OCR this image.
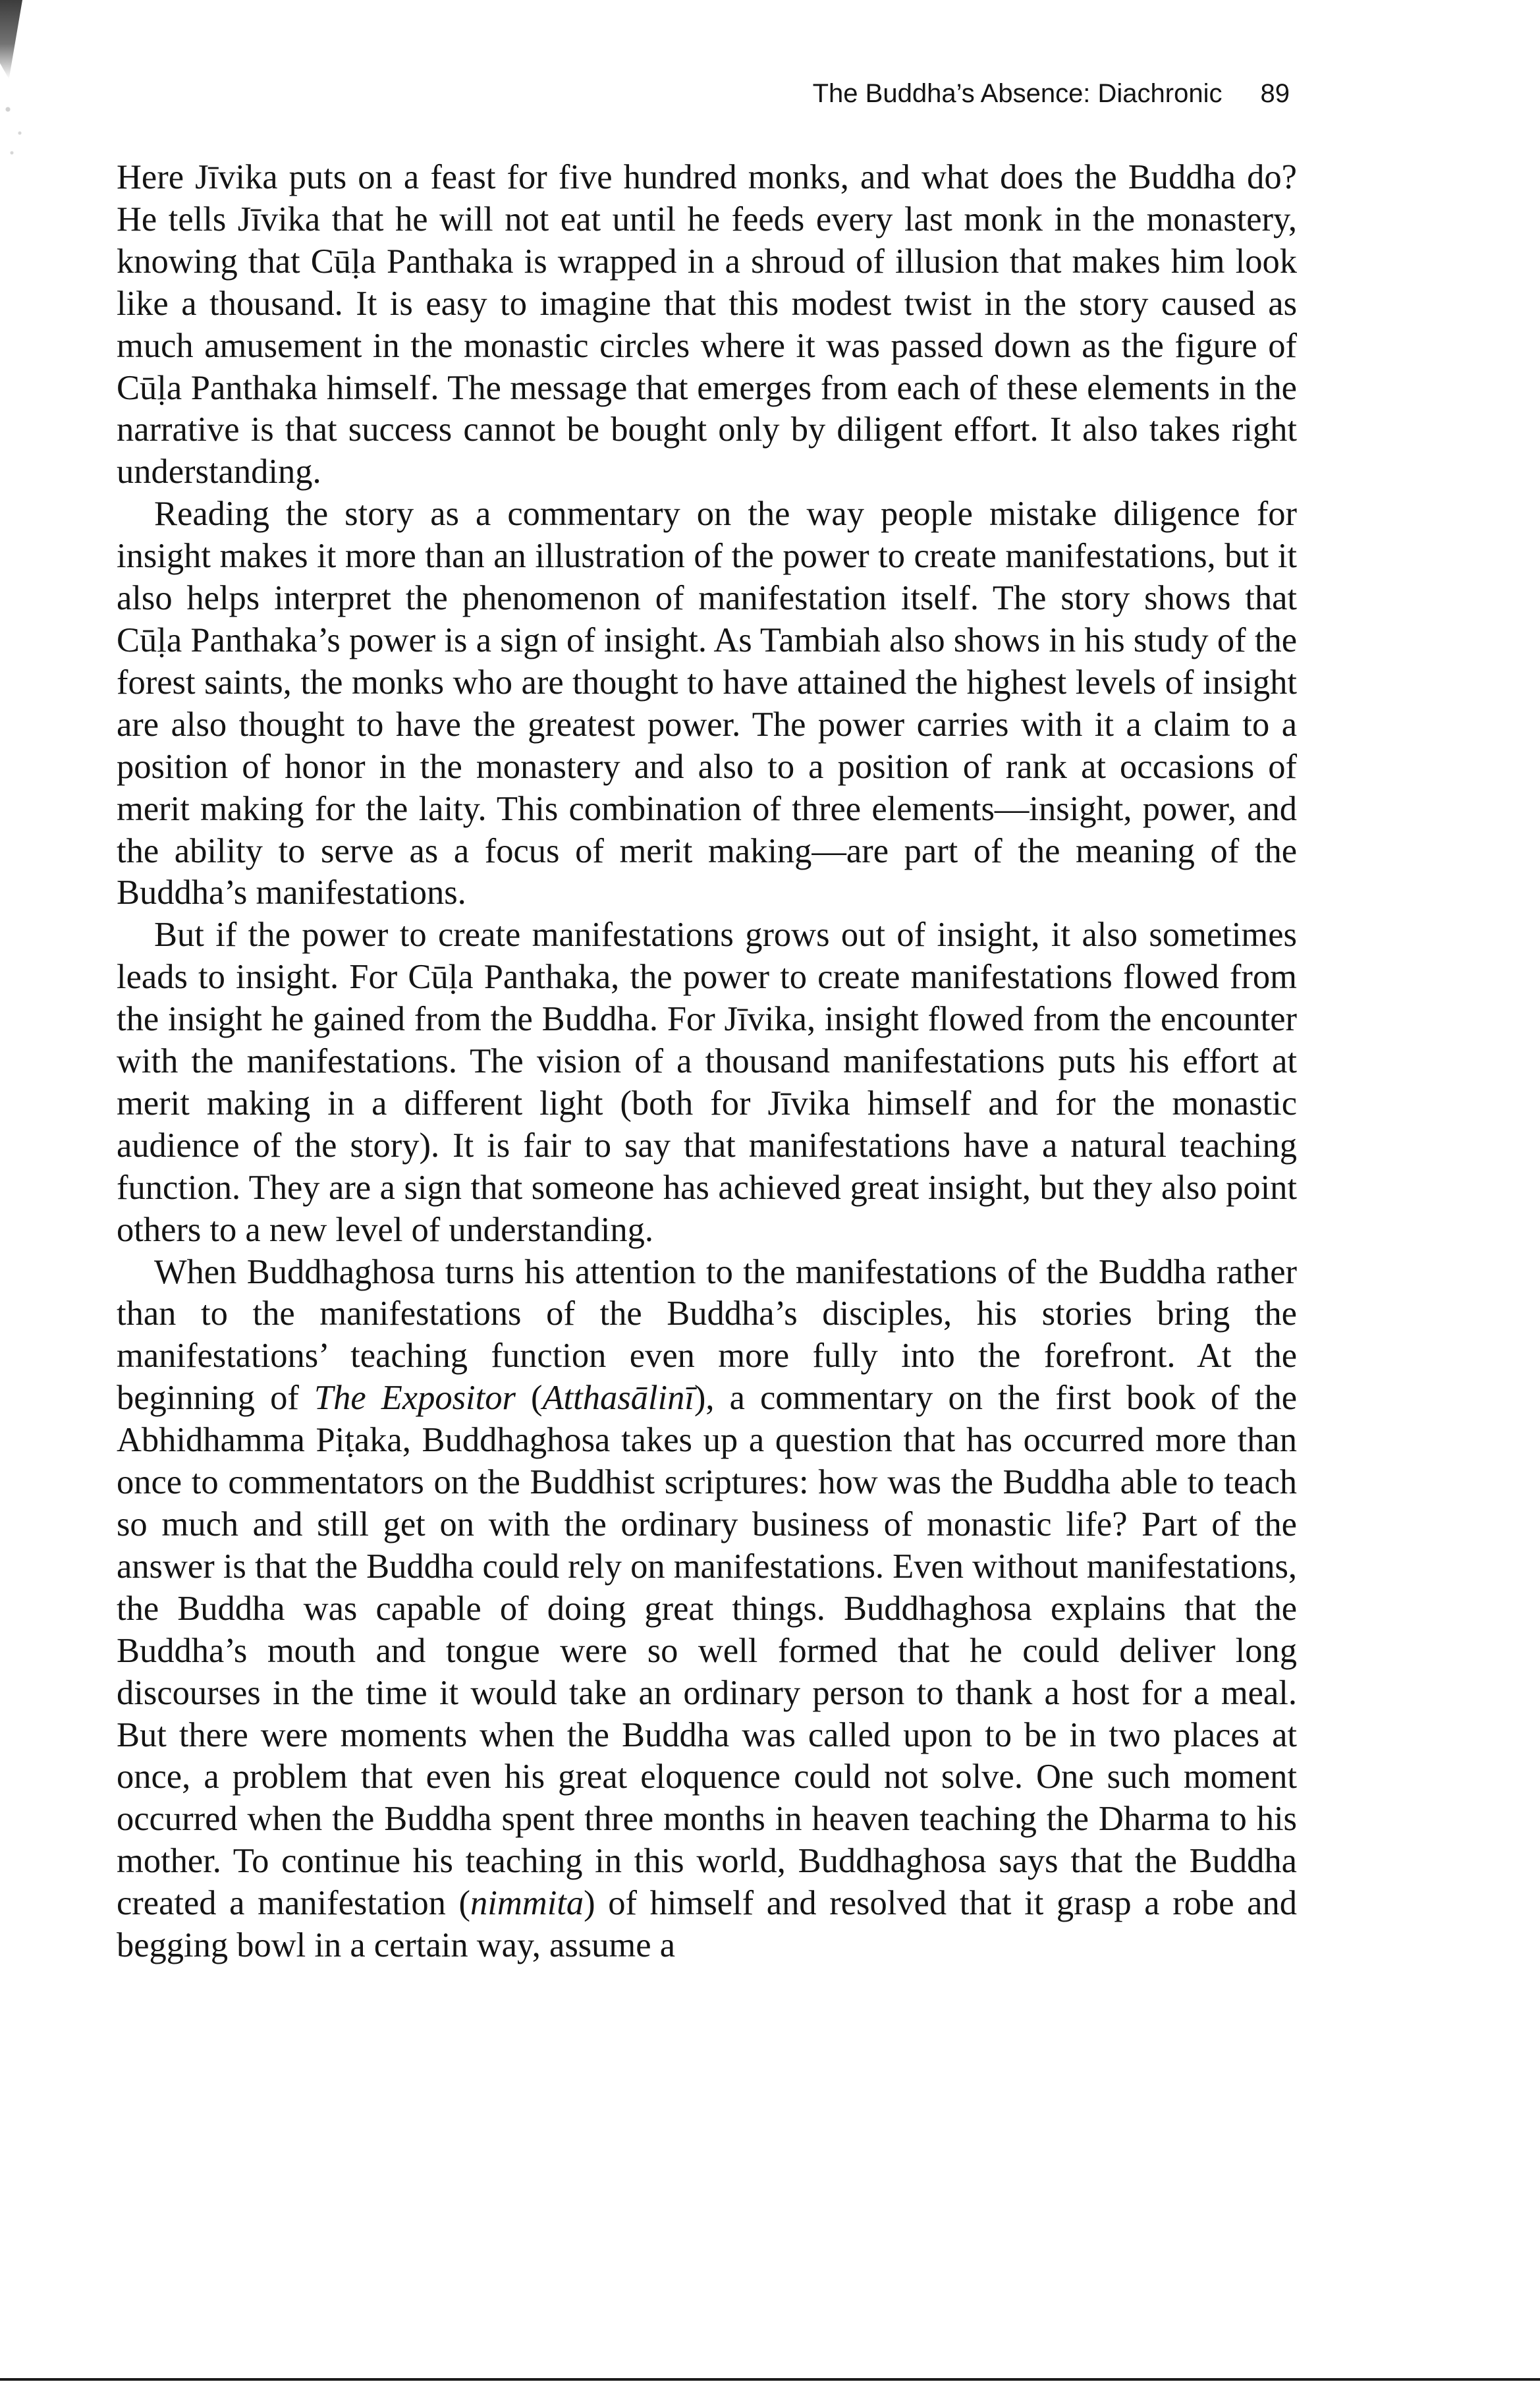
The Buddha’s Absence: Diachronic 89

Here Jīvika puts on a feast for five hundred monks, and what does the Buddha do? He tells Jīvika that he will not eat until he feeds every last monk in the monastery, knowing that Cūḷa Panthaka is wrapped in a shroud of illusion that makes him look like a thousand. It is easy to imagine that this modest twist in the story caused as much amusement in the monastic circles where it was passed down as the figure of Cūḷa Panthaka himself. The message that emerges from each of these elements in the narrative is that success cannot be bought only by diligent effort. It also takes right understanding.

Reading the story as a commentary on the way people mistake diligence for insight makes it more than an illustration of the power to create manifestations, but it also helps interpret the phenomenon of manifestation itself. The story shows that Cūḷa Panthaka’s power is a sign of insight. As Tambiah also shows in his study of the forest saints, the monks who are thought to have attained the highest levels of insight are also thought to have the greatest power. The power carries with it a claim to a position of honor in the monastery and also to a position of rank at occasions of merit making for the laity. This combination of three elements—insight, power, and the ability to serve as a focus of merit making—are part of the meaning of the Buddha’s manifestations.

But if the power to create manifestations grows out of insight, it also sometimes leads to insight. For Cūḷa Panthaka, the power to create manifestations flowed from the insight he gained from the Buddha. For Jīvika, insight flowed from the encounter with the manifestations. The vision of a thousand manifestations puts his effort at merit making in a different light (both for Jīvika himself and for the monastic audience of the story). It is fair to say that manifestations have a natural teaching function. They are a sign that someone has achieved great insight, but they also point others to a new level of understanding.

When Buddhaghosa turns his attention to the manifestations of the Buddha rather than to the manifestations of the Buddha’s disciples, his stories bring the manifestations’ teaching function even more fully into the forefront. At the beginning of The Expositor (Atthasālinī), a commentary on the first book of the Abhidhamma Piṭaka, Buddhaghosa takes up a question that has occurred more than once to commentators on the Buddhist scriptures: how was the Buddha able to teach so much and still get on with the ordinary business of monastic life? Part of the answer is that the Buddha could rely on manifestations. Even without manifestations, the Buddha was capable of doing great things. Buddhaghosa explains that the Buddha’s mouth and tongue were so well formed that he could deliver long discourses in the time it would take an ordinary person to thank a host for a meal. But there were moments when the Buddha was called upon to be in two places at once, a problem that even his great eloquence could not solve. One such moment occurred when the Buddha spent three months in heaven teaching the Dharma to his mother. To continue his teaching in this world, Buddhaghosa says that the Buddha created a manifestation (nimmita) of himself and resolved that it grasp a robe and begging bowl in a certain way, assume a
